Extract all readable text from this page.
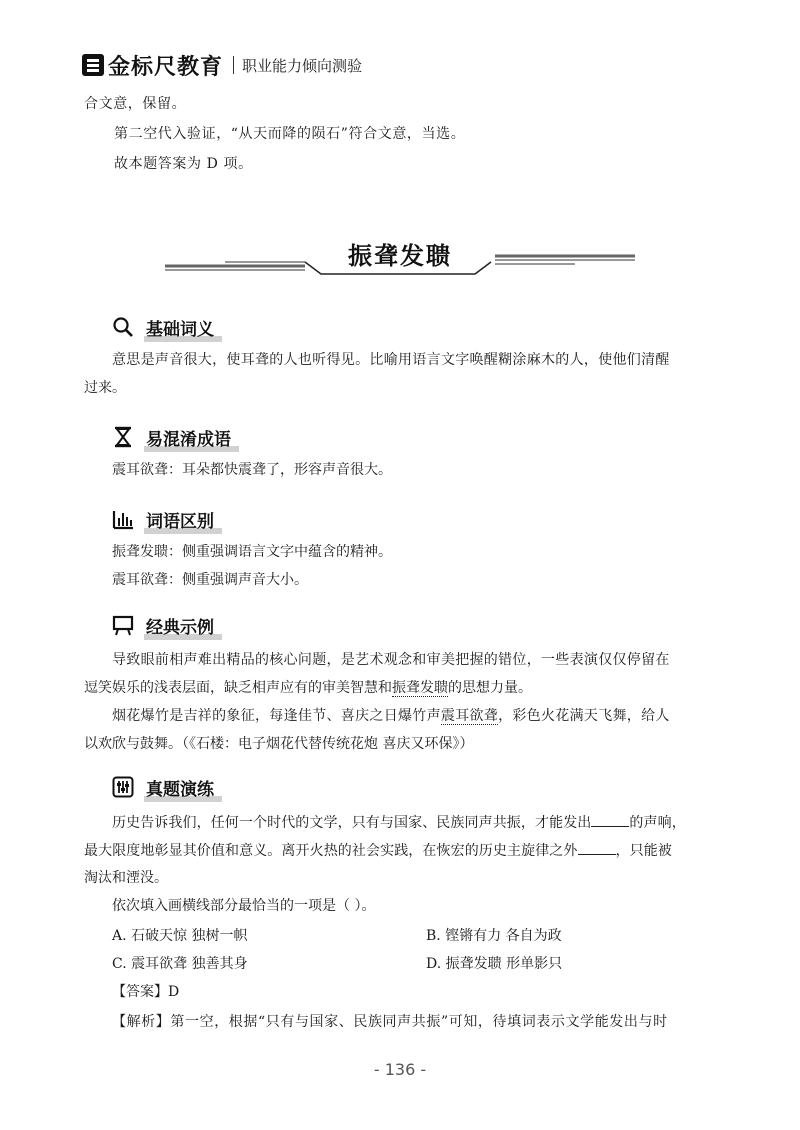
金标尺教育 职业能力倾向测验
合文意，保留。
第二空代入验证，“从天而降的陨石”符合文意，当选。
故本题答案为 D 项。
振聋发聩
基础词义
意思是声音很大，使耳聋的人也听得见。比喻用语言文字唤醒糊涂麻木的人，使他们清醒
过来。
易混淆成语
震耳欲聋：耳朵都快震聋了，形容声音很大。
词语区别
振聋发聩：侧重强调语言文字中蕴含的精神。
震耳欲聋：侧重强调声音大小。
经典示例
导致眼前相声难出精品的核心问题，是艺术观念和审美把握的错位，一些表演仅仅停留在
逗笑娱乐的浅表层面，缺乏相声应有的审美智慧和振聋发聩的思想力量。
烟花爆竹是吉祥的象征，每逢佳节、喜庆之日爆竹声震耳欲聋，彩色火花满天飞舞，给人
以欢欣与鼓舞。（《石楼：电子烟花代替传统花炮 喜庆又环保》）
真题演练
历史告诉我们，任何一个时代的文学，只有与国家、民族同声共振，才能发出	的声响，
最大限度地彰显其价值和意义。离开火热的社会实践，在恢宏的历史主旋律之外	，只能被
淘汰和湮没。
依次填入画横线部分最恰当的一项是（ ）。
A. 石破天惊 独树一帜	B. 铿锵有力 各自为政
C. 震耳欲聋 独善其身	D. 振聋发聩 形单影只
【答案】D
【解析】第一空，根据“只有与国家、民族同声共振”可知，待填词表示文学能发出与时
- 136 -
